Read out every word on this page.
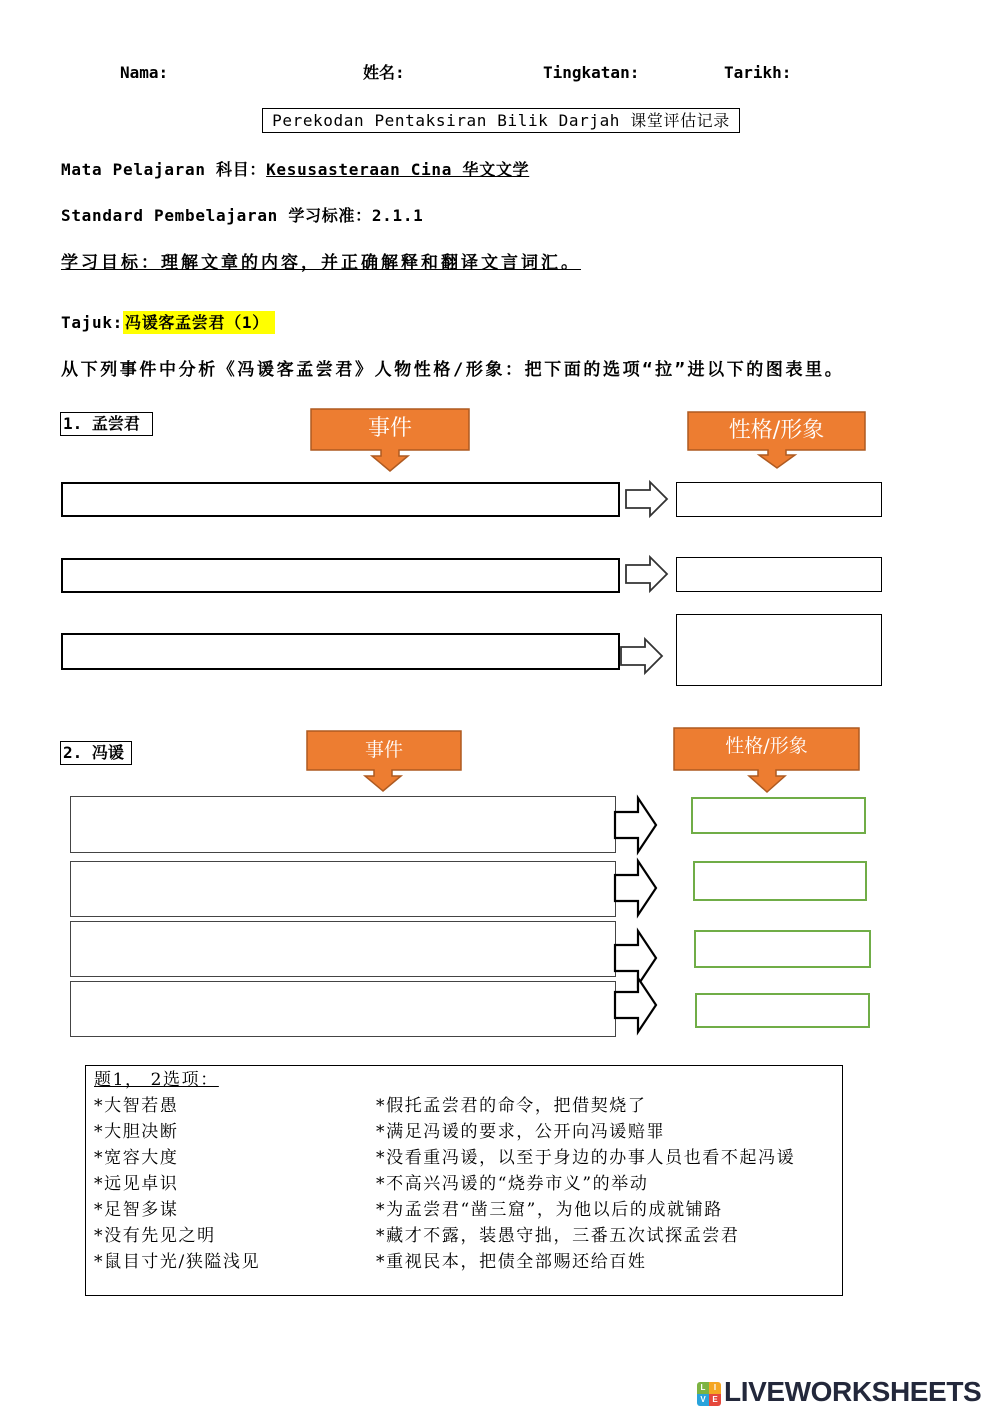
Nama:	姓名:	Tingkatan:	Tarikh:
Perekodan Pentaksiran Bilik Darjah 课堂评估记录
Mata Pelajaran 科目：Kesusasteraan Cina 华文文学
Standard Pembelajaran 学习标准：2.1.1
学习目标：理解文章的内容，并正确解释和翻译文言词汇。
Tajuk: 冯谖客孟尝君（1）
从下列事件中分析《冯谖客孟尝君》人物性格/形象：把下面的选项“拉”进以下的图表里。
1. 孟尝君	事件	性格/形象
2. 冯谖	事件	性格/形象
题1， 2选项：
*大智若愚
*大胆决断
*宽容大度
*远见卓识
*足智多谋
*没有先见之明
*鼠目寸光/狭隘浅见
*假托孟尝君的命令，把借契烧了
*满足冯谖的要求，公开向冯谖赔罪
*没看重冯谖，以至于身边的办事人员也看不起冯谖
*不高兴冯谖的“烧券市义”的举动
*为孟尝君“凿三窟”，为他以后的成就铺路
*藏才不露，装愚守拙，三番五次试探孟尝君
*重视民本，把债全部赐还给百姓
L	I
V E LIVEWORKSHEETS
